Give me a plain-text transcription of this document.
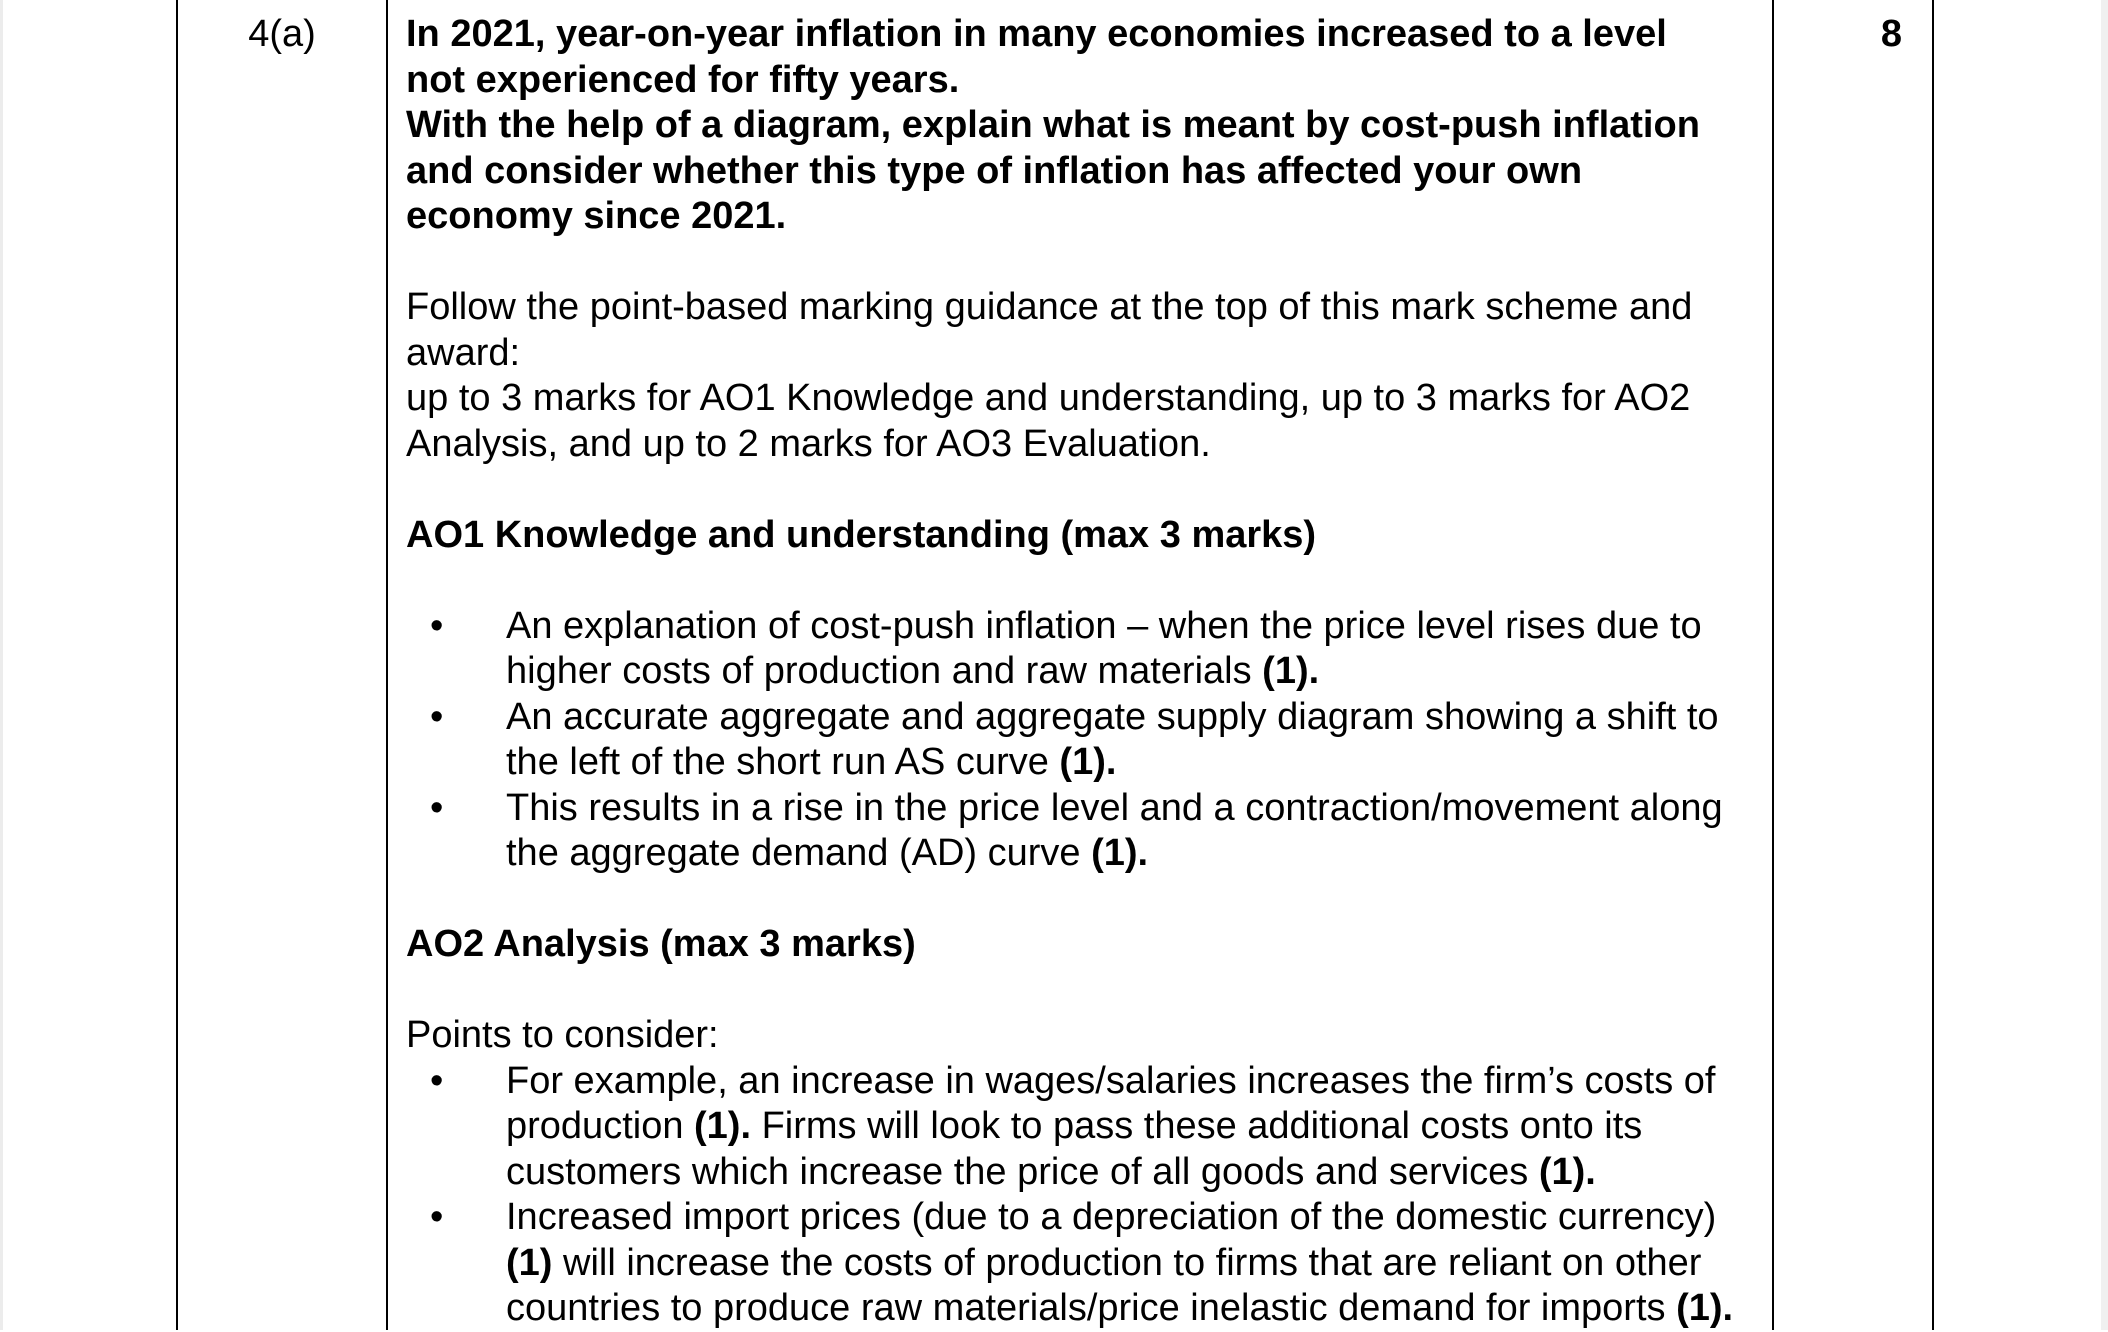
4(a)	In 2021, year-on-year inflation in many economies increased to a level
not experienced for fifty years.
With the help of a diagram, explain what is meant by cost-push inflation
and consider whether this type of inflation has affected your own
economy since 2021.
Follow the point-based marking guidance at the top of this mark scheme and
award:
up to 3 marks for AO1 Knowledge and understanding, up to 3 marks for AO2
Analysis, and up to 2 marks for AO3 Evaluation.
AO1 Knowledge and understanding (max 3 marks)
• An explanation of cost-push inflation – when the price level rises due to
higher costs of production and raw materials (1).
• An accurate aggregate and aggregate supply diagram showing a shift to
the left of the short run AS curve (1).
• This results in a rise in the price level and a contraction/movement along
the aggregate demand (AD) curve (1).
AO2 Analysis (max 3 marks)
Points to consider:
• For example, an increase in wages/salaries increases the firm’s costs of
production (1). Firms will look to pass these additional costs onto its
customers which increase the price of all goods and services (1).
• Increased import prices (due to a depreciation of the domestic currency)
(1) will increase the costs of production to firms that are reliant on other
countries to produce raw materials/price inelastic demand for imports (1).
8
